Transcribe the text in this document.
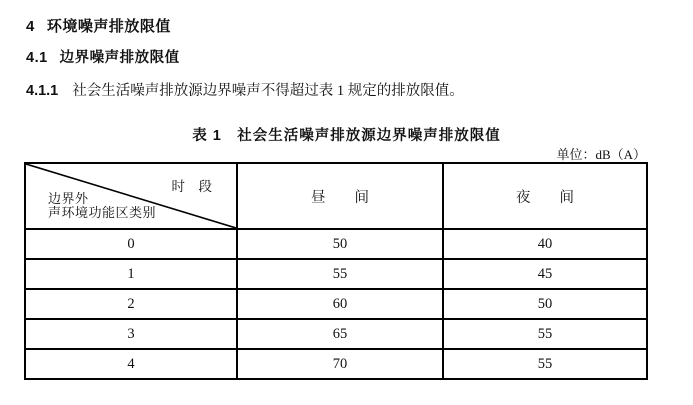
4 环境噪声排放限值
4.1 边界噪声排放限值
4.1.1 社会生活噪声排放源边界噪声不得超过表 1 规定的排放限值。
表 1　社会生活噪声排放源边界噪声排放限值
单位：dB（A）
时　段
边界外
声环境功能区类别	昼　　间	夜　　间
0	50	40
1	55	45
2	60	50
3	65	55
4	70	55
